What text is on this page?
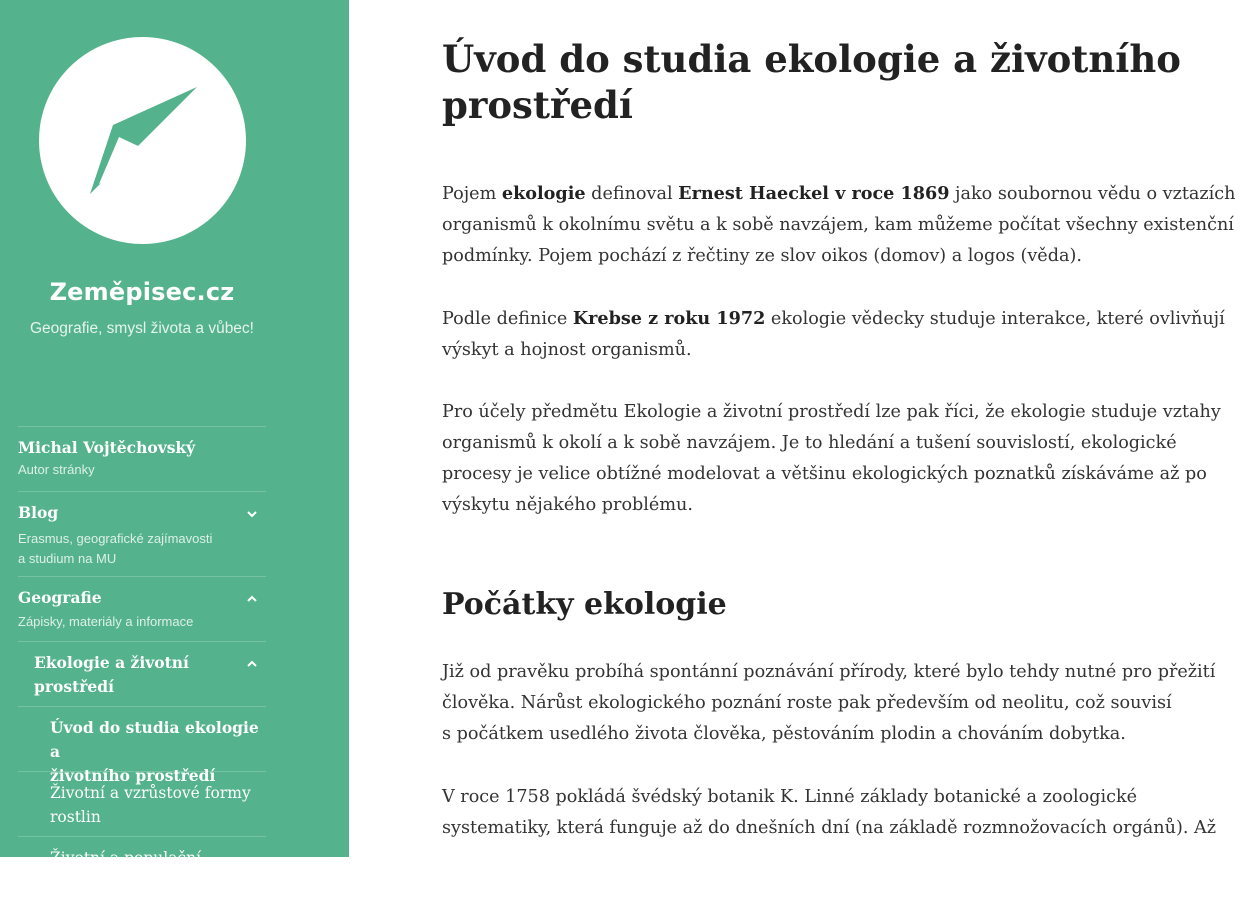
Zeměpisec.cz
Geografie, smysl života a vůbec!
Michal Vojtěchovský
Autor stránky
Blog
Erasmus, geografické zajímavosti
a studium na MU
Geografie
Zápisky, materiály a informace
Ekologie a životní
prostředí
Úvod do studia ekologie a
životního prostředí
Životní a vzrůstové formy
rostlin
Životní a populační
Úvod do studia ekologie a životního
prostředí

Pojem ekologie definoval Ernest Haeckel v roce 1869 jako soubornou vědu o vztazích
organismů k okolnímu světu a k sobě navzájem, kam můžeme počítat všechny existenční
podmínky. Pojem pochází z řečtiny ze slov oikos (domov) a logos (věda).

Podle definice Krebse z roku 1972 ekologie vědecky studuje interakce, které ovlivňují
výskyt a hojnost organismů.

Pro účely předmětu Ekologie a životní prostředí lze pak říci, že ekologie studuje vztahy
organismů k okolí a k sobě navzájem. Je to hledání a tušení souvislostí, ekologické
procesy je velice obtížné modelovat a většinu ekologických poznatků získáváme až po
výskytu nějakého problému.

Počátky ekologie

Již od pravěku probíhá spontánní poznávání přírody, které bylo tehdy nutné pro přežití
člověka. Nárůst ekologického poznání roste pak především od neolitu, což souvisí
s počátkem usedlého života člověka, pěstováním plodin a chováním dobytka.

V roce 1758 pokládá švédský botanik K. Linné základy botanické a zoologické
systematiky, která funguje až do dnešních dní (na základě rozmnožovacích orgánů). Až
